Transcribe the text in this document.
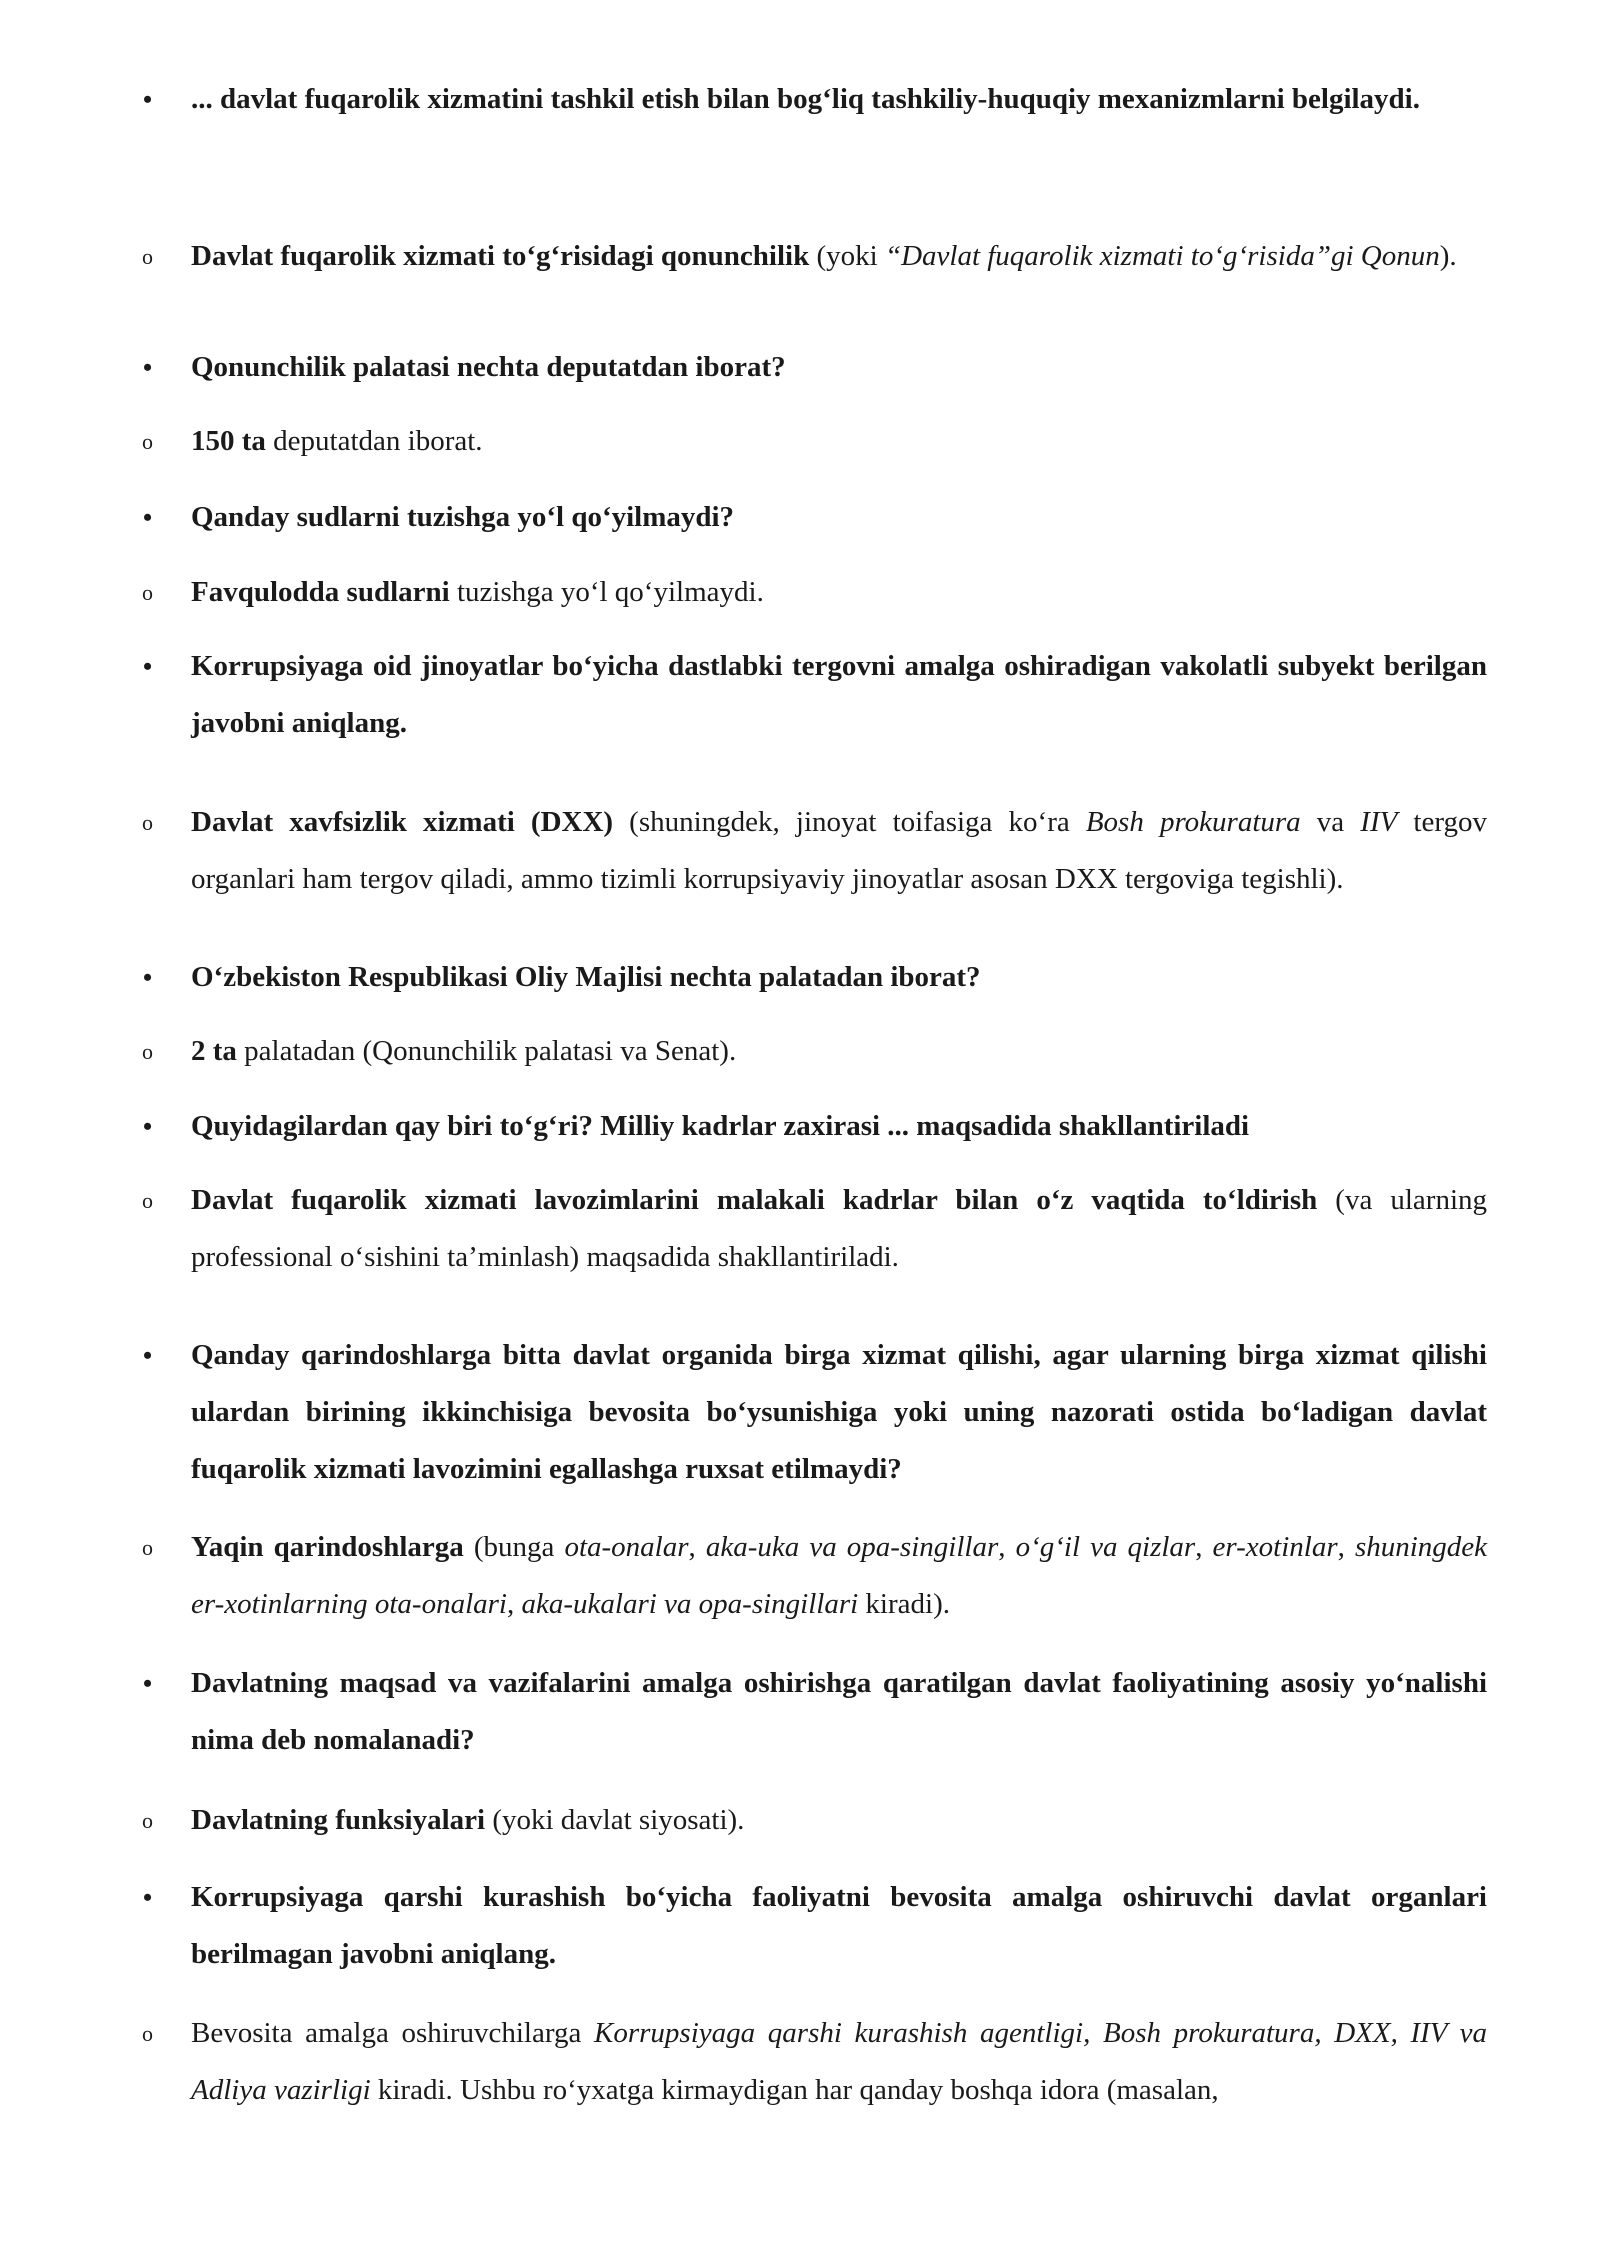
•	... davlat fuqarolik xizmatini tashkil etish bilan bog‘liq tashkiliy-huquqiy mexanizmlarni belgilaydi.
o	Davlat fuqarolik xizmati to‘g‘risidagi qonunchilik (yoki “Davlat fuqarolik xizmati to‘g‘risida”gi Qonun).
•	Qonunchilik palatasi nechta deputatdan iborat?
o	150 ta deputatdan iborat.
•	Qanday sudlarni tuzishga yo‘l qo‘yilmaydi?
o	Favqulodda sudlarni tuzishga yo‘l qo‘yilmaydi.
•	Korrupsiyaga oid jinoyatlar bo‘yicha dastlabki tergovni amalga oshiradigan vakolatli subyekt berilgan javobni aniqlang.
o	Davlat xavfsizlik xizmati (DXX) (shuningdek, jinoyat toifasiga ko‘ra Bosh prokuratura va IIV tergov organlari ham tergov qiladi, ammo tizimli korrupsiyaviy jinoyatlar asosan DXX tergoviga tegishli).
•	O‘zbekiston Respublikasi Oliy Majlisi nechta palatadan iborat?
o	2 ta palatadan (Qonunchilik palatasi va Senat).
•	Quyidagilardan qay biri to‘g‘ri? Milliy kadrlar zaxirasi ... maqsadida shakllantiriladi
o	Davlat fuqarolik xizmati lavozimlarini malakali kadrlar bilan o‘z vaqtida to‘ldirish (va ularning professional o‘sishini ta’minlash) maqsadida shakllantiriladi.
•	Qanday qarindoshlarga bitta davlat organida birga xizmat qilishi, agar ularning birga xizmat qilishi ulardan birining ikkinchisiga bevosita bo‘ysunishiga yoki uning nazorati ostida bo‘ladigan davlat fuqarolik xizmati lavozimini egallashga ruxsat etilmaydi?
o	Yaqin qarindoshlarga (bunga ota-onalar, aka-uka va opa-singillar, o‘g‘il va qizlar, er-xotinlar, shuningdek er-xotinlarning ota-onalari, aka-ukalari va opa-singillari kiradi).
•	Davlatning maqsad va vazifalarini amalga oshirishga qaratilgan davlat faoliyatining asosiy yo‘nalishi nima deb nomalanadi?
o	Davlatning funksiyalari (yoki davlat siyosati).
•	Korrupsiyaga qarshi kurashish bo‘yicha faoliyatni bevosita amalga oshiruvchi davlat organlari berilmagan javobni aniqlang.
o	Bevosita amalga oshiruvchilarga Korrupsiyaga qarshi kurashish agentligi, Bosh prokuratura, DXX, IIV va Adliya vazirligi kiradi. Ushbu ro‘yxatga kirmaydigan har qanday boshqa idora (masalan,
